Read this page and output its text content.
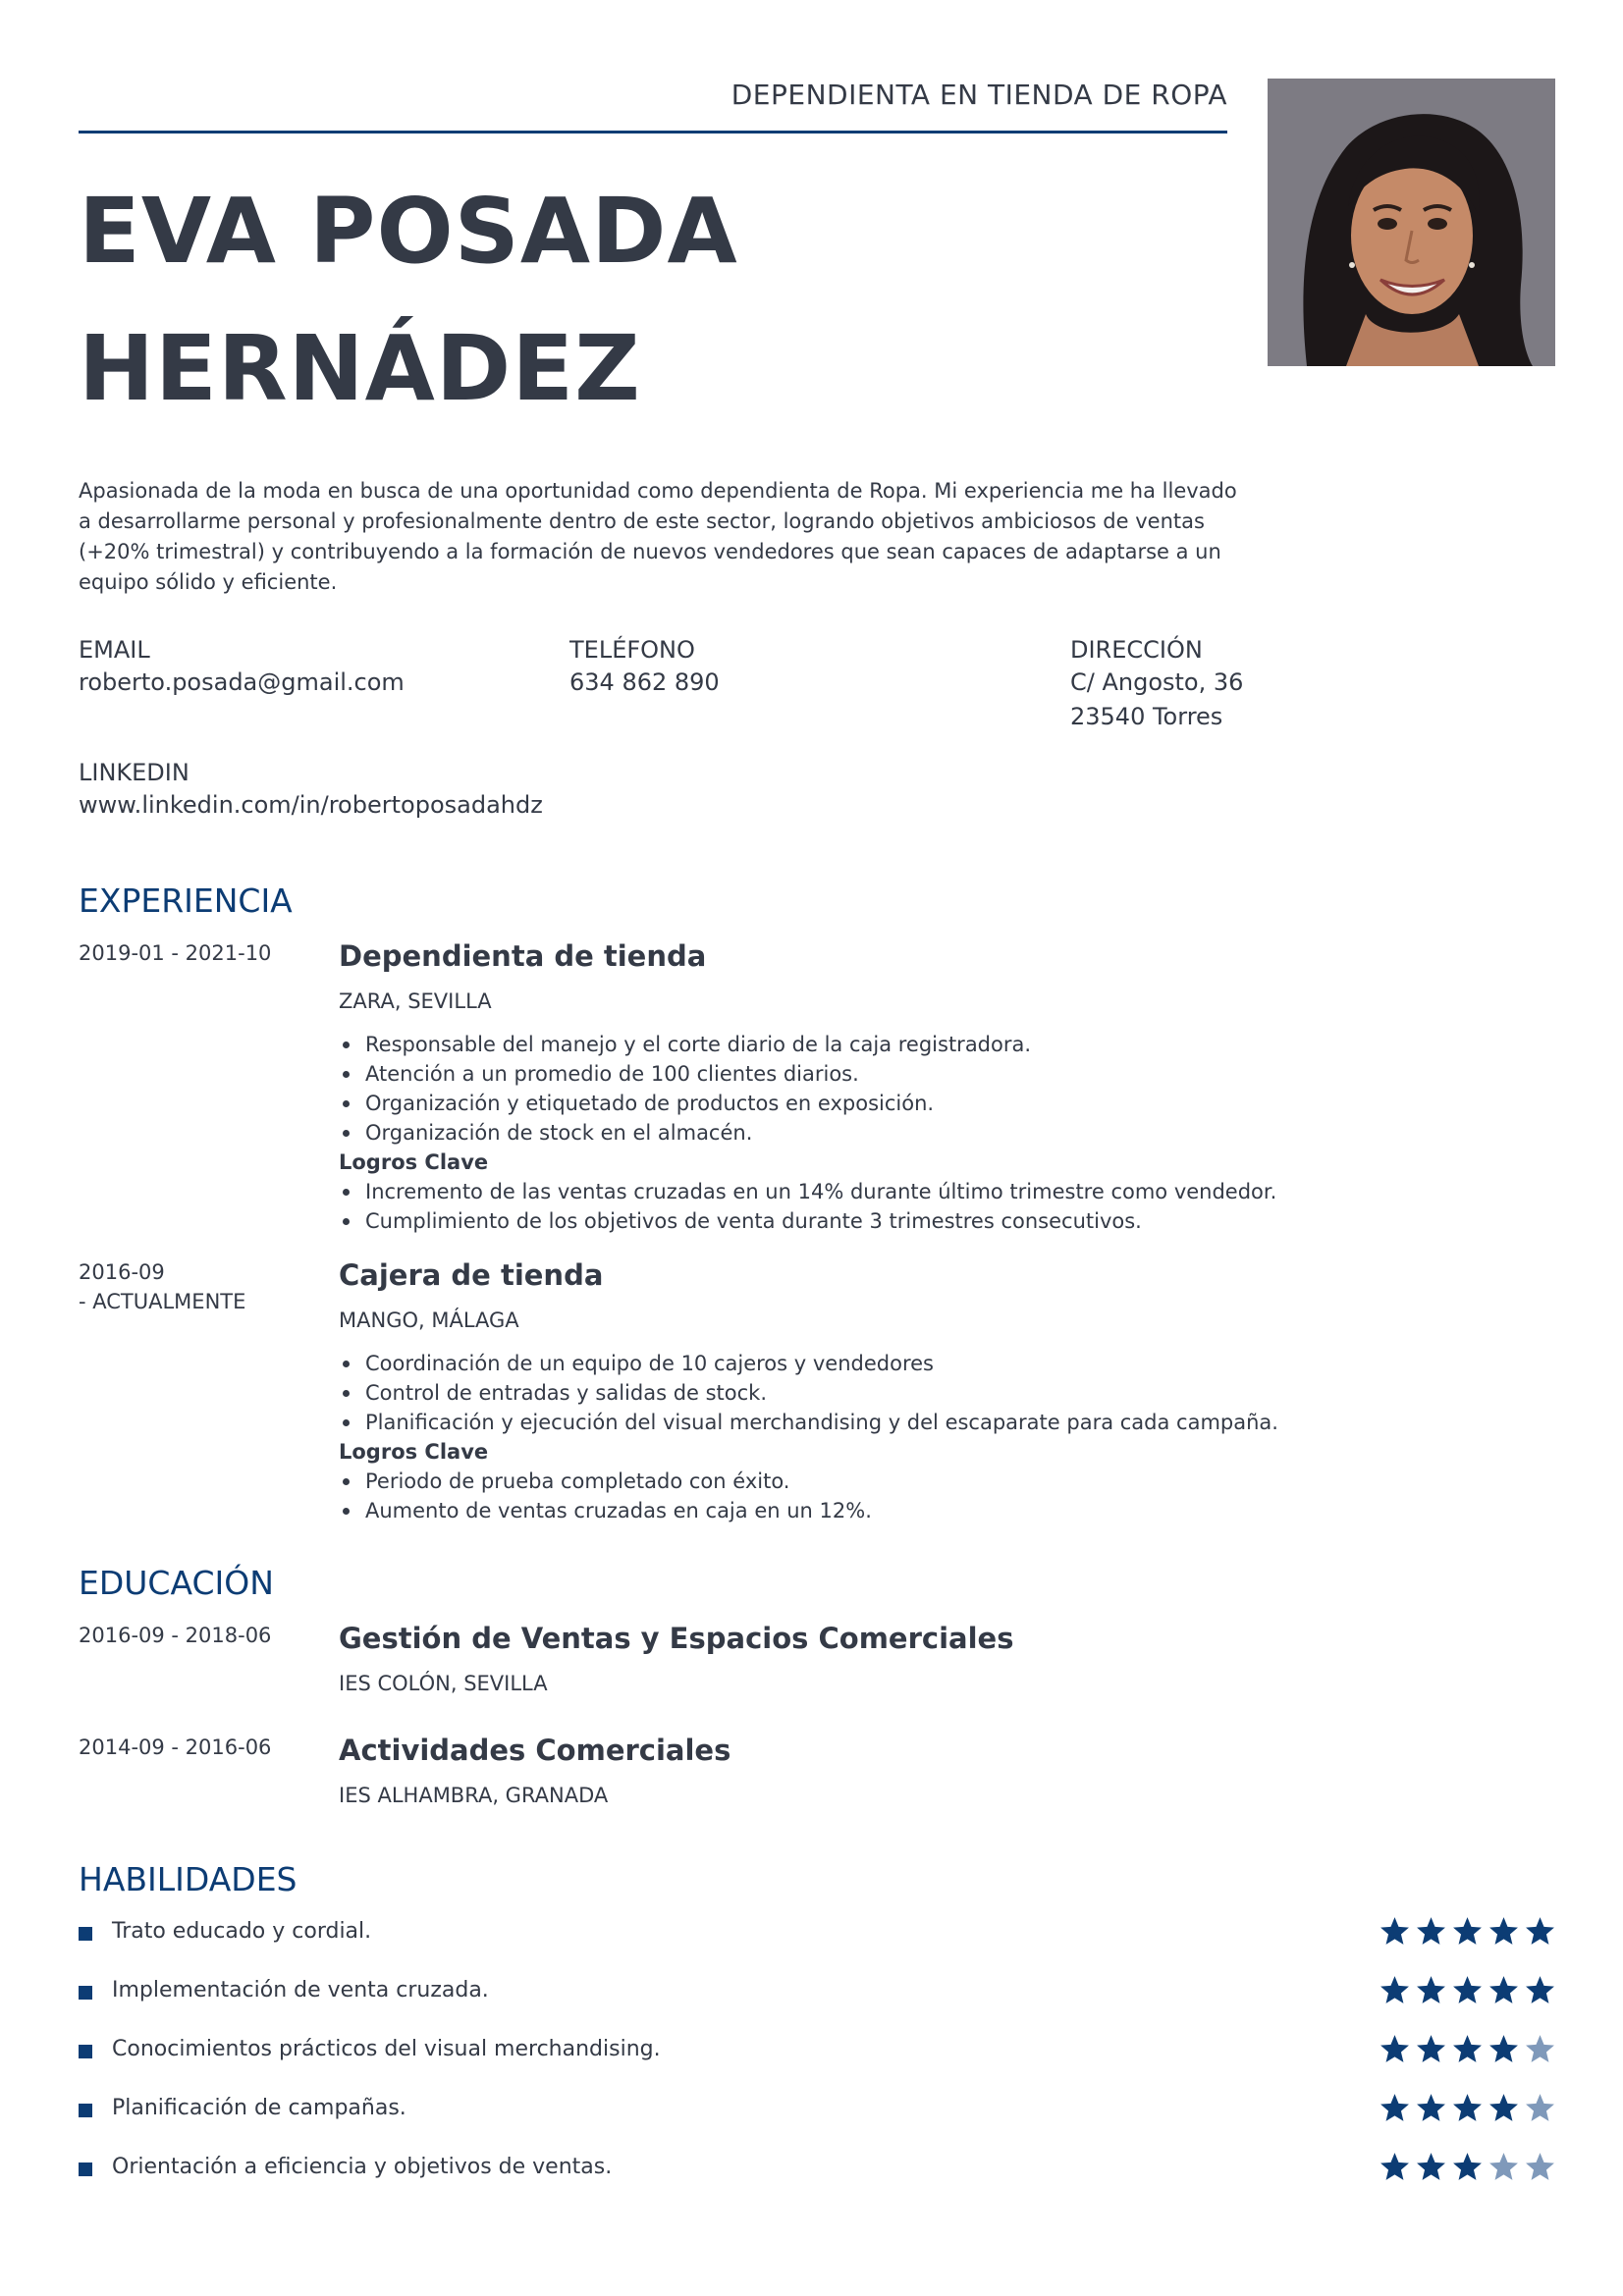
DEPENDIENTA EN TIENDA DE ROPA
EVA POSADA
HERNÁDEZ
Apasionada de la moda en busca de una oportunidad como dependienta de Ropa. Mi experiencia me ha llevado a desarrollarme personal y profesionalmente dentro de este sector, logrando objetivos ambiciosos de ventas (+20% trimestral) y contribuyendo a la formación de nuevos vendedores que sean capaces de adaptarse a un equipo sólido y eficiente.
EMAIL
roberto.posada@gmail.com
TELÉFONO
634 862 890
DIRECCIÓN
C/ Angosto, 36
23540 Torres
LINKEDIN
www.linkedin.com/in/robertoposadahdz
EXPERIENCIA
2019-01 - 2021-10 Dependienta de tienda
ZARA, SEVILLA
Responsable del manejo y el corte diario de la caja registradora.
Atención a un promedio de 100 clientes diarios.
Organización y etiquetado de productos en exposición.
Organización de stock en el almacén.
Logros Clave
Incremento de las ventas cruzadas en un 14% durante último trimestre como vendedor.
Cumplimiento de los objetivos de venta durante 3 trimestres consecutivos.
2016-09
- ACTUALMENTE
Cajera de tienda
MANGO, MÁLAGA
Coordinación de un equipo de 10 cajeros y vendedores
Control de entradas y salidas de stock.
Planificación y ejecución del visual merchandising y del escaparate para cada campaña.
Logros Clave
Periodo de prueba completado con éxito.
Aumento de ventas cruzadas en caja en un 12%.
EDUCACIÓN
2016-09 - 2018-06 Gestión de Ventas y Espacios Comerciales
IES COLÓN, SEVILLA
2014-09 - 2016-06 Actividades Comerciales
IES ALHAMBRA, GRANADA
HABILIDADES
Trato educado y cordial.
Implementación de venta cruzada.
Conocimientos prácticos del visual merchandising.
Planificación de campañas.
Orientación a eficiencia y objetivos de ventas.
